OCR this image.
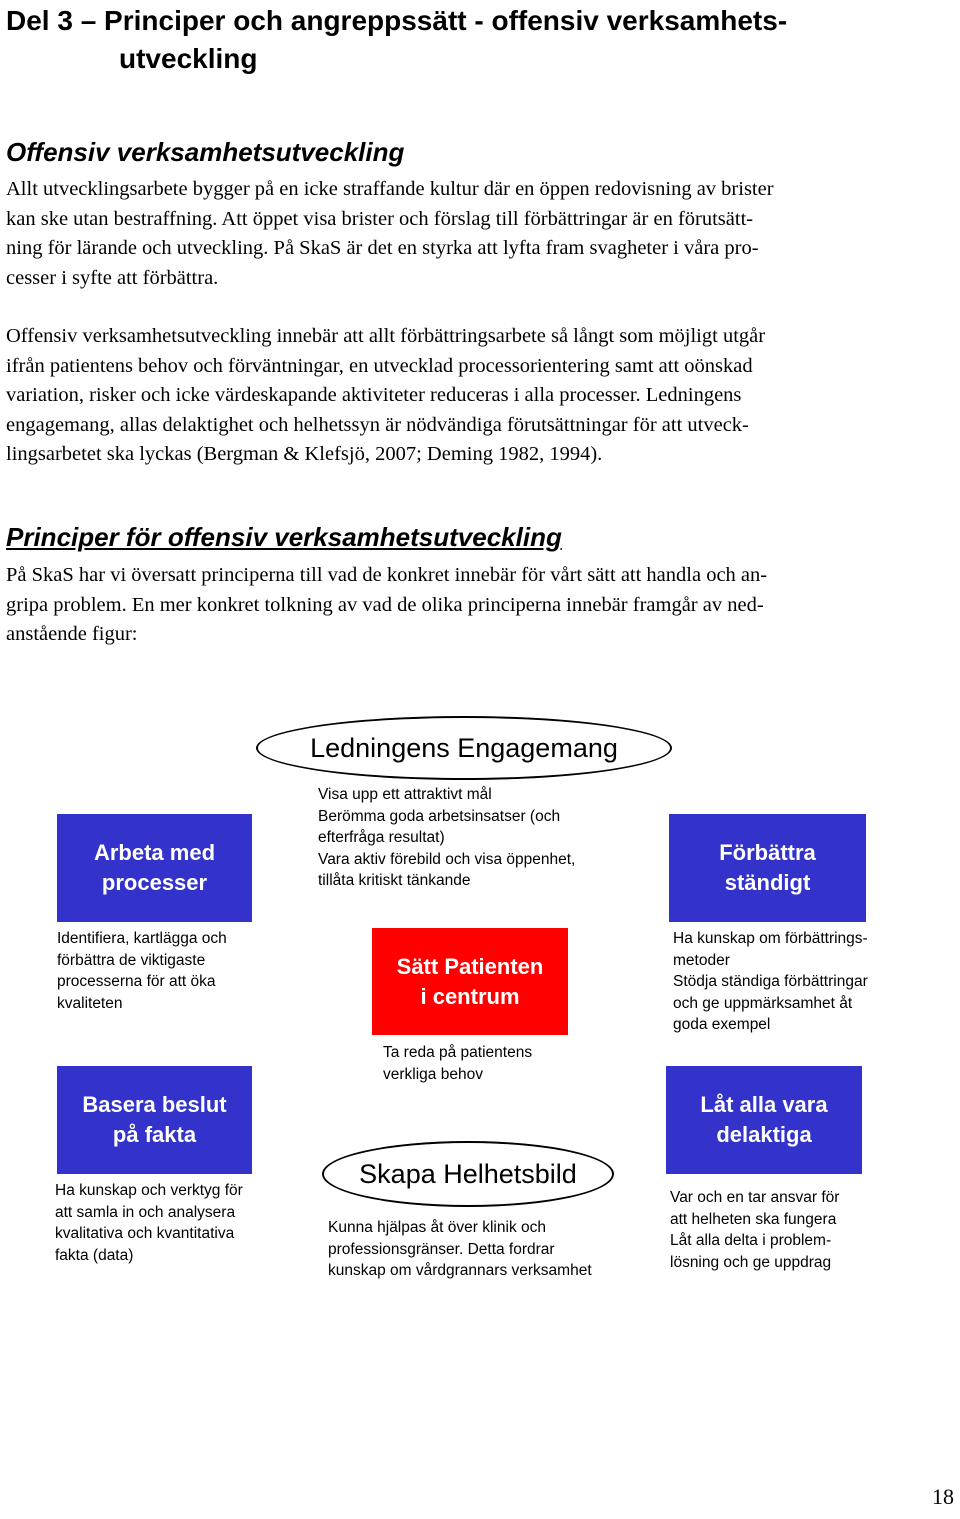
Del 3 – Principer och angreppssätt - offensiv verksamhets-
utveckling
Offensiv verksamhetsutveckling
Allt utvecklingsarbete bygger på en icke straffande kultur där en öppen redovisning av brister
kan ske utan bestraffning. Att öppet visa brister och förslag till förbättringar är en förutsätt-
ning för lärande och utveckling. På SkaS är det en styrka att lyfta fram svagheter i våra pro-
cesser i syfte att förbättra.
Offensiv verksamhetsutveckling innebär att allt förbättringsarbete så långt som möjligt utgår
ifrån patientens behov och förväntningar, en utvecklad processorientering samt att oönskad
variation, risker och icke värdeskapande aktiviteter reduceras i alla processer. Ledningens
engagemang, allas delaktighet och helhetssyn är nödvändiga förutsättningar för att utveck-
lingsarbetet ska lyckas (Bergman & Klefsjö, 2007; Deming 1982, 1994).
Principer för offensiv verksamhetsutveckling
På SkaS har vi översatt principerna till vad de konkret innebär för vårt sätt att handla och an-
gripa problem. En mer konkret tolkning av vad de olika principerna innebär framgår av ned-
anstående figur:
Ledningens Engagemang
Visa upp ett attraktivt mål
Berömma goda arbetsinsatser (och
efterfråga resultat)
Vara aktiv förebild och visa öppenhet,
tillåta kritiskt tänkande
Arbeta med
processer
Identifiera, kartlägga och
förbättra de viktigaste
processerna för att öka
kvaliteten
Förbättra
ständigt
Ha kunskap om förbättrings-
metoder
Stödja ständiga förbättringar
och ge uppmärksamhet åt
goda exempel
Sätt Patienten
i centrum
Ta reda på patientens
verkliga behov
Basera beslut
på fakta
Ha kunskap och verktyg för
att samla in och analysera
kvalitativa och kvantitativa
fakta (data)
Låt alla vara
delaktiga
Var och en tar ansvar för
att helheten ska fungera
Låt alla delta i problem-
lösning och ge uppdrag
Skapa Helhetsbild
Kunna hjälpas åt över klinik och
professionsgränser. Detta fordrar
kunskap om vårdgrannars verksamhet
18
